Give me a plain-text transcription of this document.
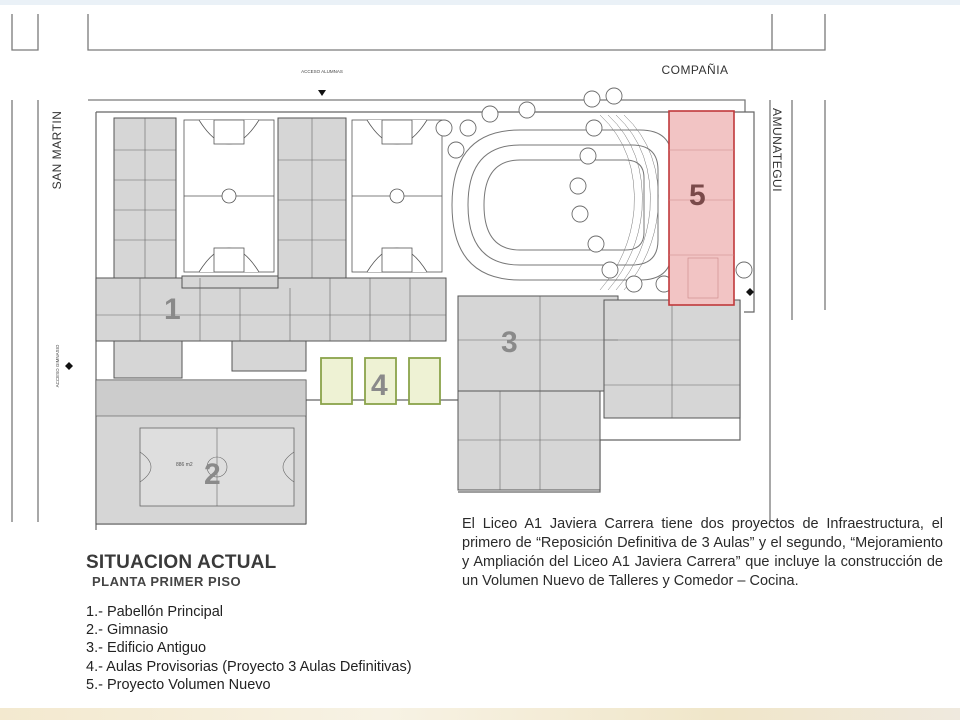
886 m2
ACCESO ALUMNAS
ACCESO GIMNASIO
COMPAÑIA
SAN MARTIN	AMUNATEGUI
1
2
3
4
5
El Liceo A1 Javiera Carrera tiene dos proyectos de Infraestructura, el primero de “Reposición Definitiva de 3 Aulas” y el segundo, “Mejoramiento y Ampliación del Liceo A1 Javiera Carrera” que incluye la construcción de un Volumen Nuevo de Talleres y Comedor – Cocina.

SITUACION ACTUAL

PLANTA PRIMER PISO

1.- Pabellón Principal
2.- Gimnasio
3.- Edificio Antiguo
4.- Aulas Provisorias (Proyecto 3 Aulas Definitivas)
5.- Proyecto Volumen Nuevo
